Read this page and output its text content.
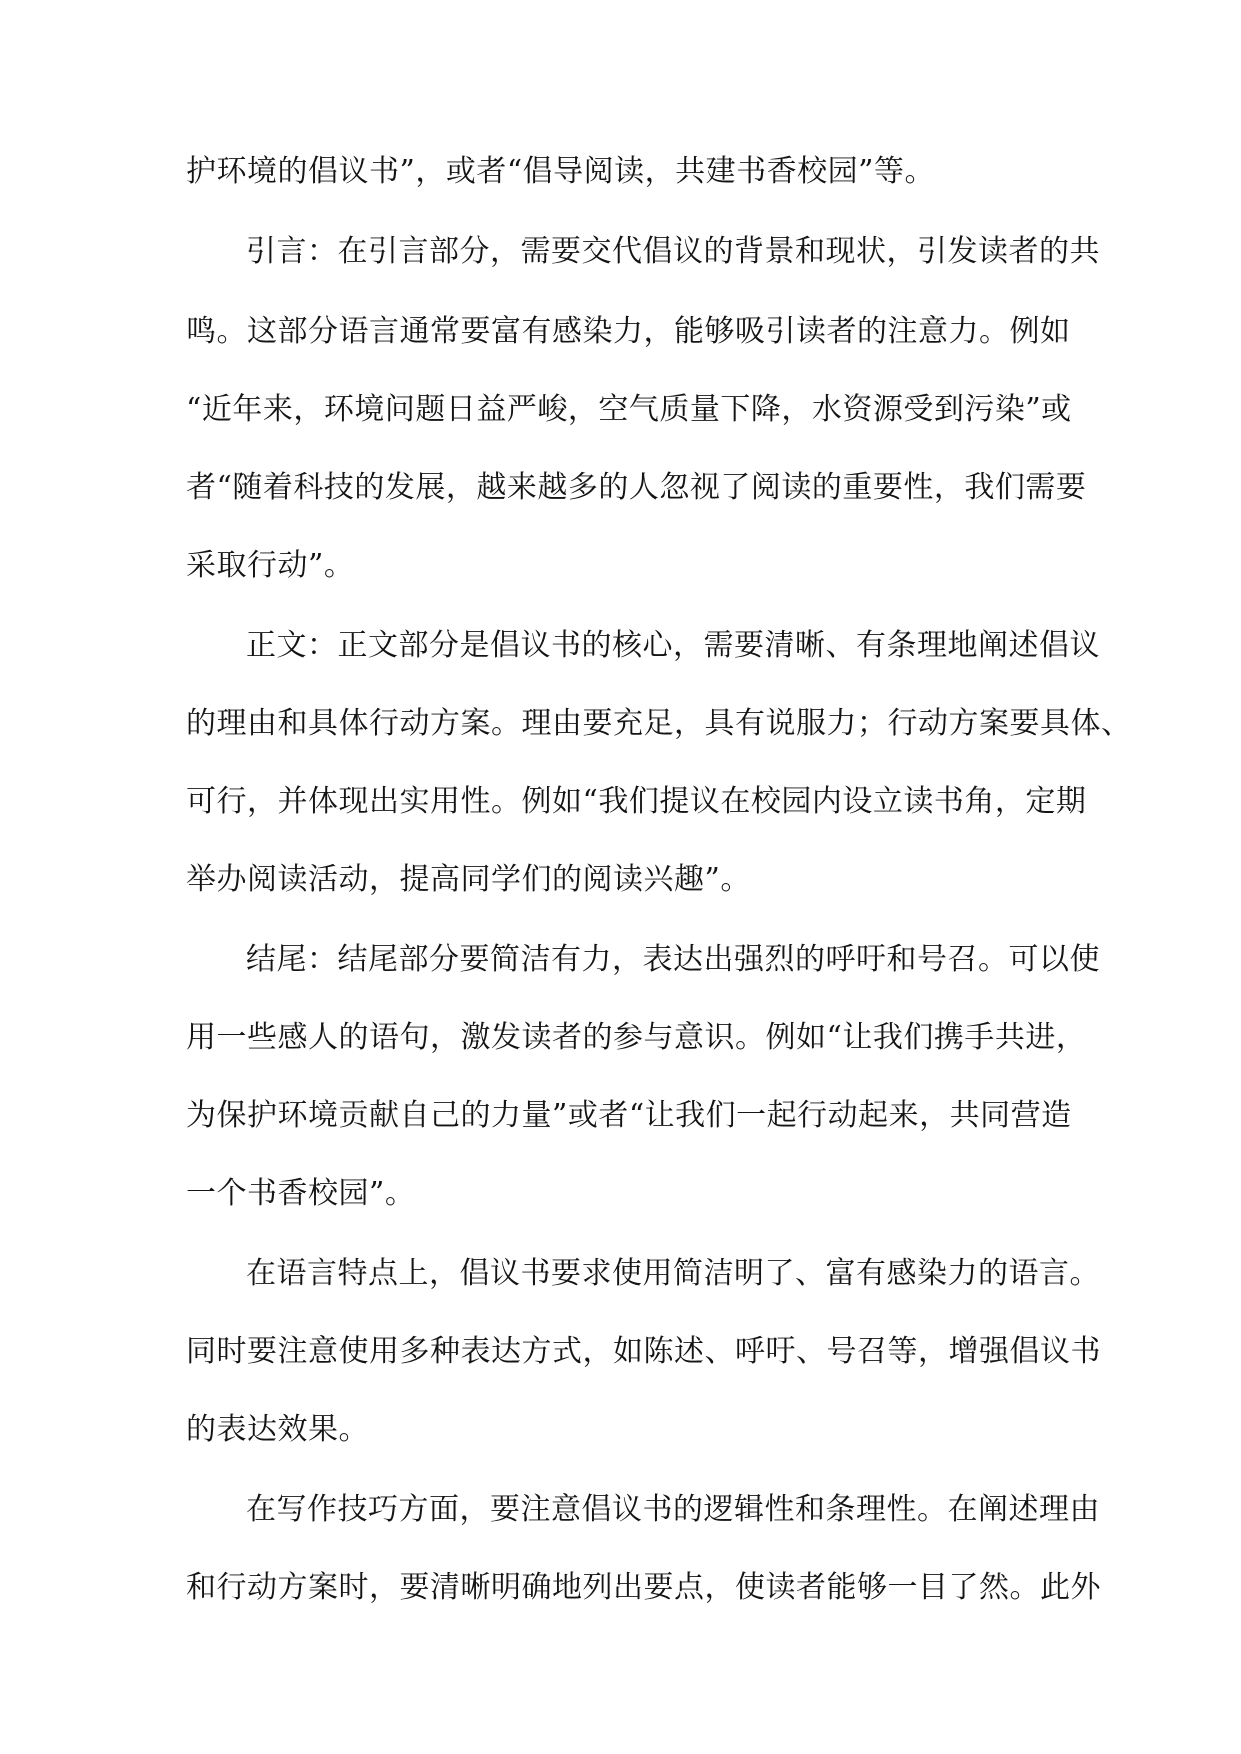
护环境的倡议书”，或者“倡导阅读，共建书香校园”等。
引言：在引言部分，需要交代倡议的背景和现状，引发读者的共
鸣。这部分语言通常要富有感染力，能够吸引读者的注意力。例如
“近年来，环境问题日益严峻，空气质量下降，水资源受到污染”或
者“随着科技的发展，越来越多的人忽视了阅读的重要性，我们需要
采取行动”。
正文：正文部分是倡议书的核心，需要清晰、有条理地阐述倡议
的理由和具体行动方案。理由要充足，具有说服力；行动方案要具体、
可行，并体现出实用性。例如“我们提议在校园内设立读书角，定期
举办阅读活动，提高同学们的阅读兴趣”。
结尾：结尾部分要简洁有力，表达出强烈的呼吁和号召。可以使
用一些感人的语句，激发读者的参与意识。例如“让我们携手共进，
为保护环境贡献自己的力量”或者“让我们一起行动起来，共同营造
一个书香校园”。
在语言特点上，倡议书要求使用简洁明了、富有感染力的语言。
同时要注意使用多种表达方式，如陈述、呼吁、号召等，增强倡议书
的表达效果。
在写作技巧方面，要注意倡议书的逻辑性和条理性。在阐述理由
和行动方案时，要清晰明确地列出要点，使读者能够一目了然。此外
